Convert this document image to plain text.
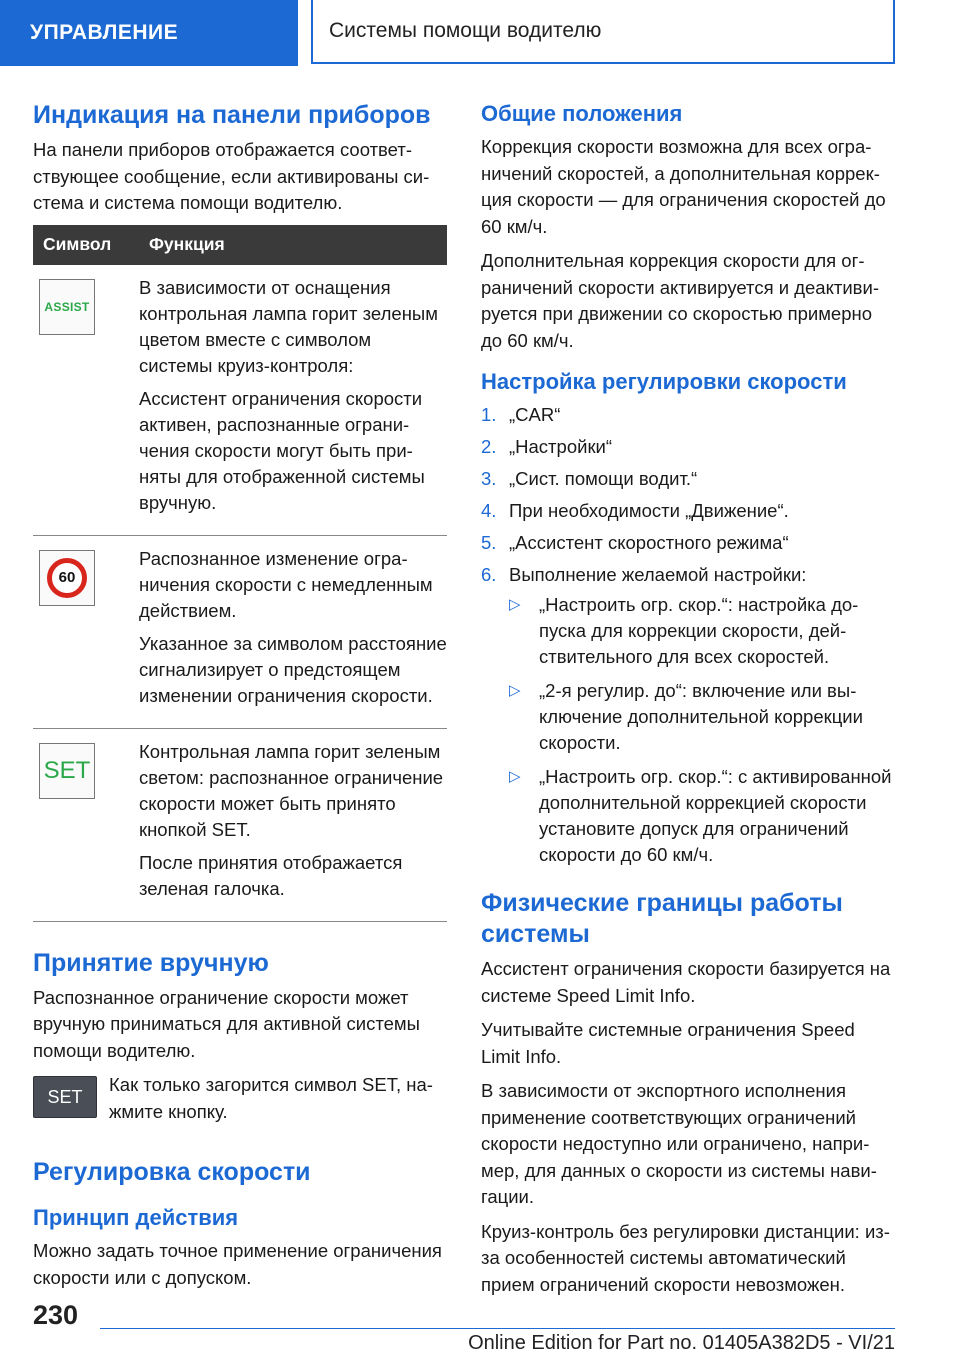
УПРАВЛЕНИЕ	Системы помощи водителю
Индикация на панели приборов

На панели приборов отображается соответствующее сообщение, если активированы система и система помощи водителю.

Символ	Функция

ASSIST	В зависимости от оснащения контрольная лампа горит зеленым цветом вместе с символом системы круиз-контроля:

Ассистент ограничения скорости активен, распознанные ограничения скорости могут быть приняты для отображенной системы вручную.

60	Распознанное изменение ограничения скорости с немедленным действием.

Указанное за символом расстояние сигнализирует о предстоящем изменении ограничения скорости.

SET	Контрольная лампа горит зеленым светом: распознанное ограничение скорости может быть принято кнопкой SET.

После принятия отображается зеленая галочка.

Принятие вручную

Распознанное ограничение скорости может вручную приниматься для активной системы помощи водителю.

SET

Как только загорится символ SET, нажмите кнопку.

Регулировка скорости
Принцип действия

Можно задать точное применение ограничения скорости или с допуском.

Общие положения

Коррекция скорости возможна для всех ограничений скоростей, а дополнительная коррекция скорости — для ограничения скоростей до 60 км/ч.

Дополнительная коррекция скорости для ограничений скорости активируется и деактивируется при движении со скоростью примерно до 60 км/ч.

Настройка регулировки скорости
1. „CAR“
2. „Настройки“
3. „Сист. помощи водит.“
4. При необходимости „Движение“.
5. „Ассистент скоростного режима“
6. Выполнение желаемой настройки:
▷ „Настроить огр. скор.“: настройка допуска для коррекции скорости, действительного для всех скоростей.
▷ „2-я регулир. до“: включение или выключение дополнительной коррекции скорости.
▷ „Настроить огр. скор.“: с активированной дополнительной коррекцией скорости установите допуск для ограничений скорости до 60 км/ч.
Физические границы работы системы

Ассистент ограничения скорости базируется на системе Speed Limit Info.

Учитывайте системные ограничения Speed Limit Info.

В зависимости от экспортного исполнения применение соответствующих ограничений скорости недоступно или ограничено, например, для данных о скорости из системы навигации.

Круиз-контроль без регулировки дистанции: из-за особенностей системы автоматический прием ограничений скорости невозможен.

230
Online Edition for Part no. 01405A382D5 - VI/21
